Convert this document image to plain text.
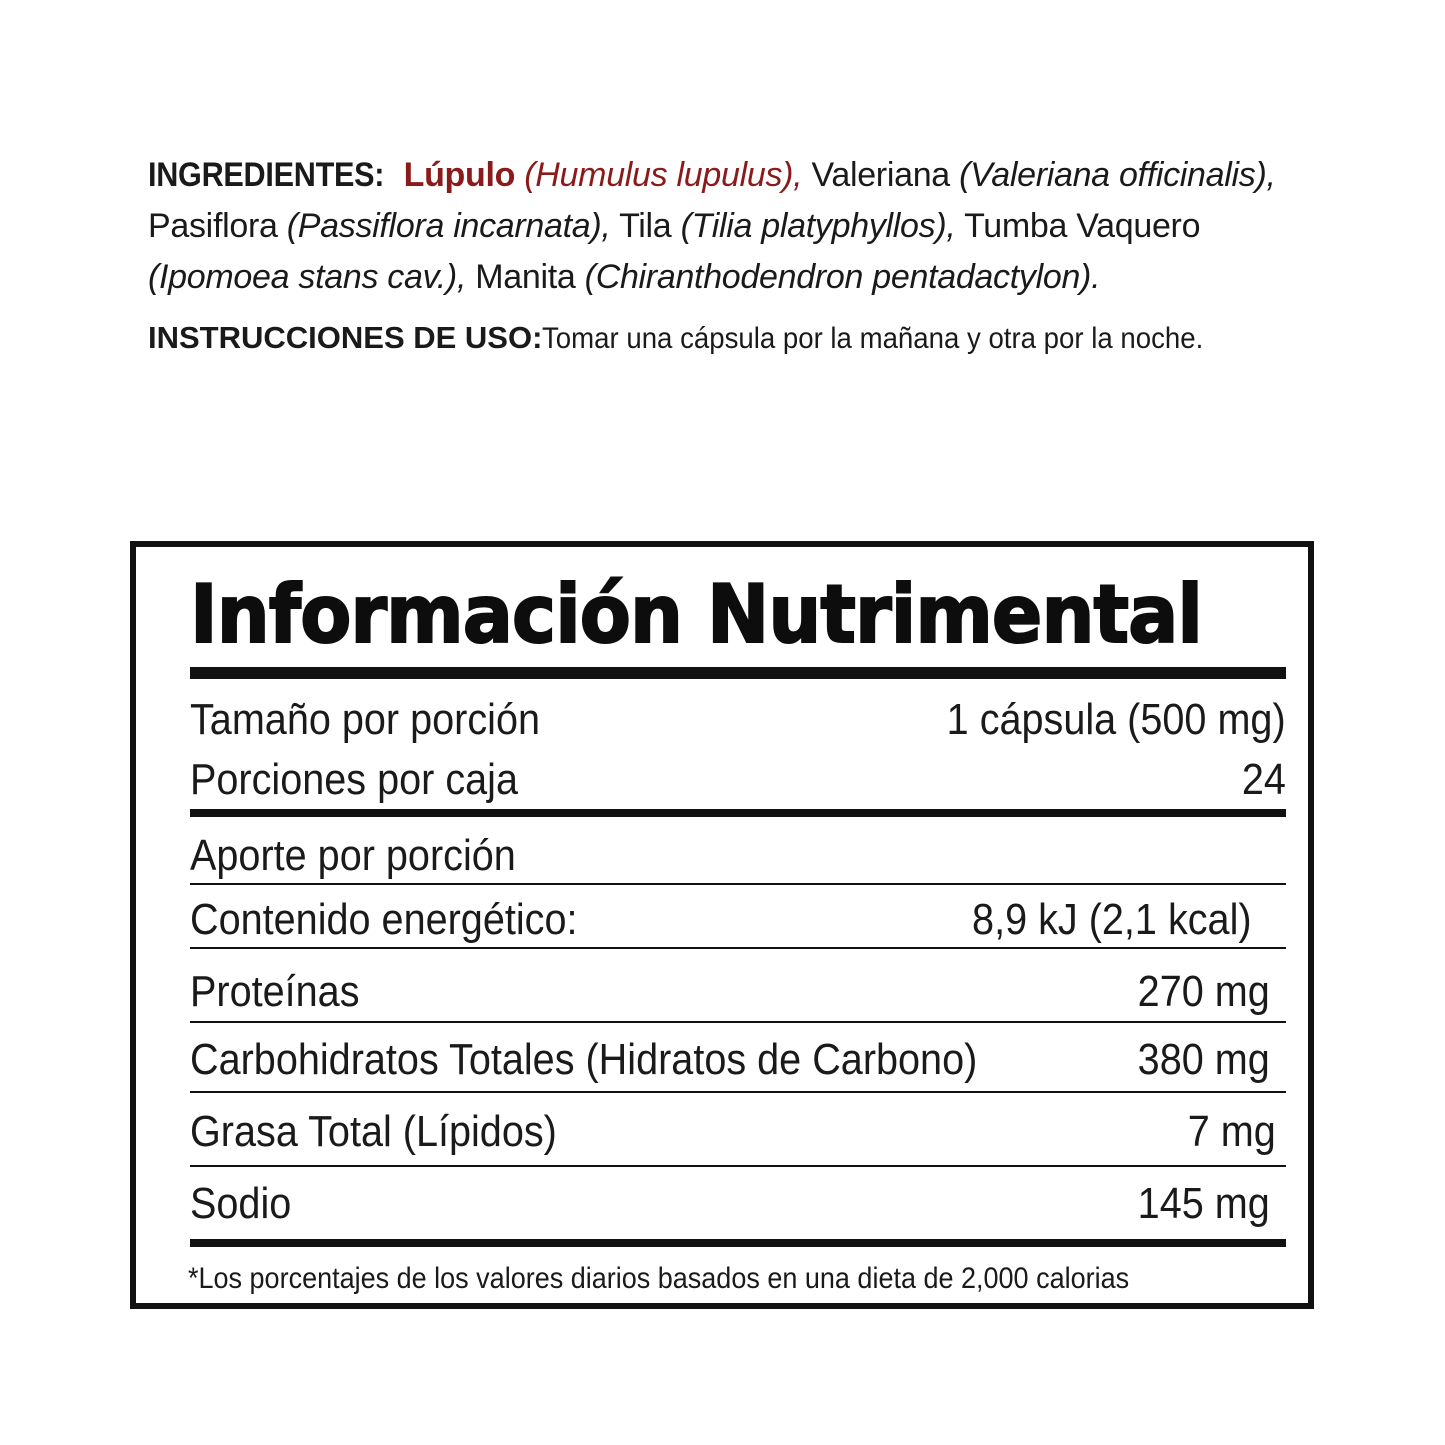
INGREDIENTES: Lúpulo (Humulus lupulus), Valeriana (Valeriana officinalis),
Pasiflora (Passiflora incarnata), Tila (Tilia platyphyllos), Tumba Vaquero
(Ipomoea stans cav.), Manita (Chiranthodendron pentadactylon).
INSTRUCCIONES DE USO:Tomar una cápsula por la mañana y otra por la noche.
Información Nutrimental
Tamaño por porción	1 cápsula (500 mg)
Porciones por caja	24
Aporte por porción
Contenido energético:	8,9 kJ (2,1 kcal)
Proteínas	270 mg
Carbohidratos Totales (Hidratos de Carbono)	380 mg
Grasa Total (Lípidos)	7 mg
Sodio	145 mg
*Los porcentajes de los valores diarios basados en una dieta de 2,000 calorias
